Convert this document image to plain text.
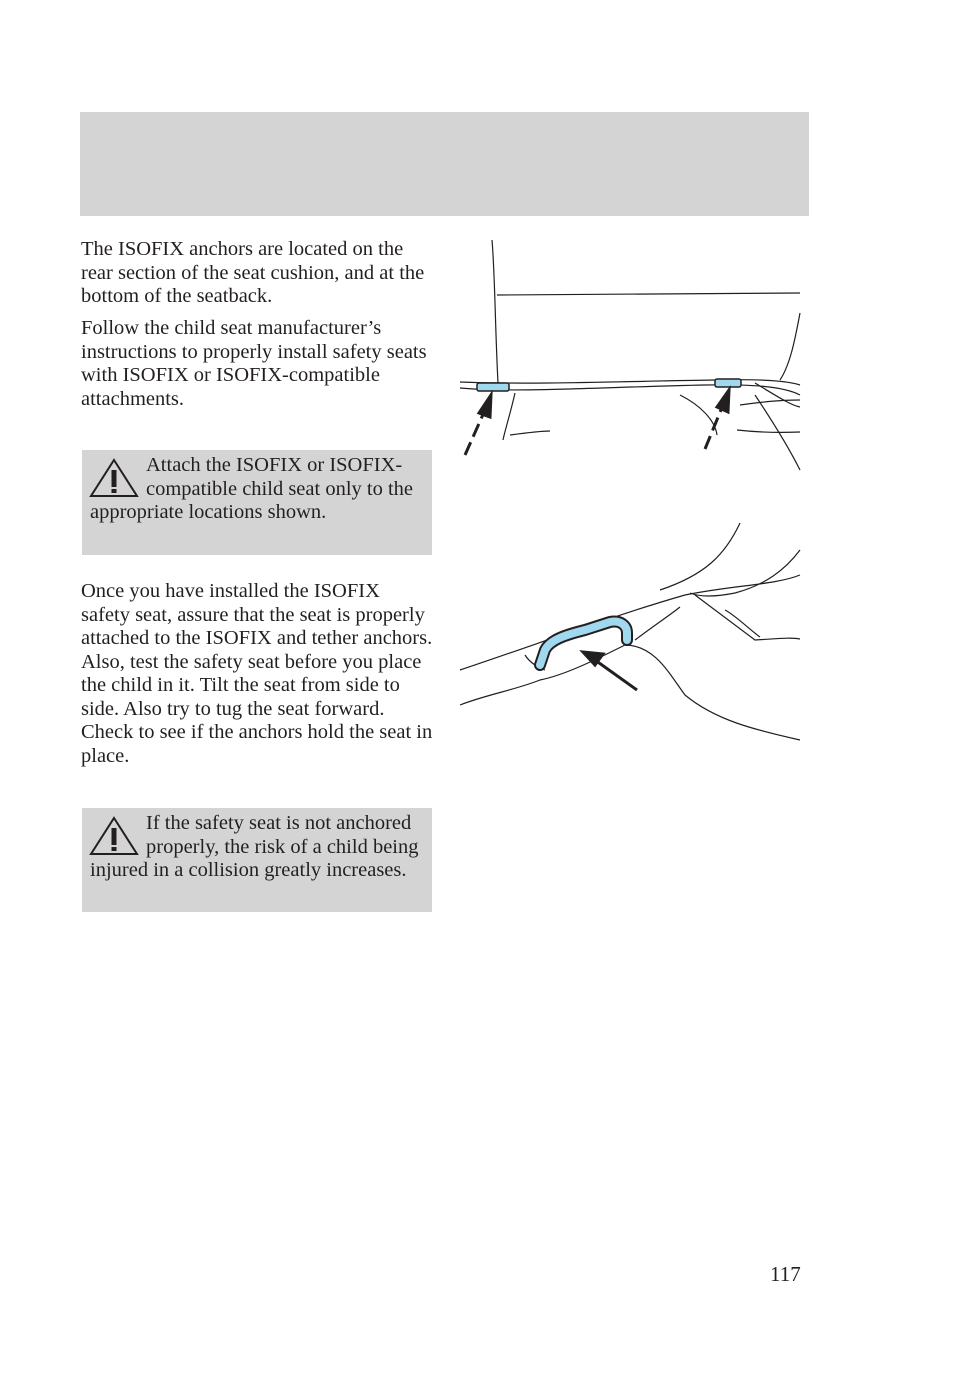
The ISOFIX anchors are located on the rear section of the seat cushion, and at the bottom of the seatback.

Follow the child seat manufacturer’s instructions to properly install safety seats with ISOFIX or ISOFIX-compatible attachments.

Attach the ISOFIX or ISOFIX-compatible child seat only to the appropriate locations shown.

Once you have installed the ISOFIX safety seat, assure that the seat is properly attached to the ISOFIX and tether anchors. Also, test the safety seat before you place the child in it. Tilt the seat from side to side. Also try to tug the seat forward. Check to see if the anchors hold the seat in place.

If the safety seat is not anchored properly, the risk of a child being injured in a collision greatly increases.

117
